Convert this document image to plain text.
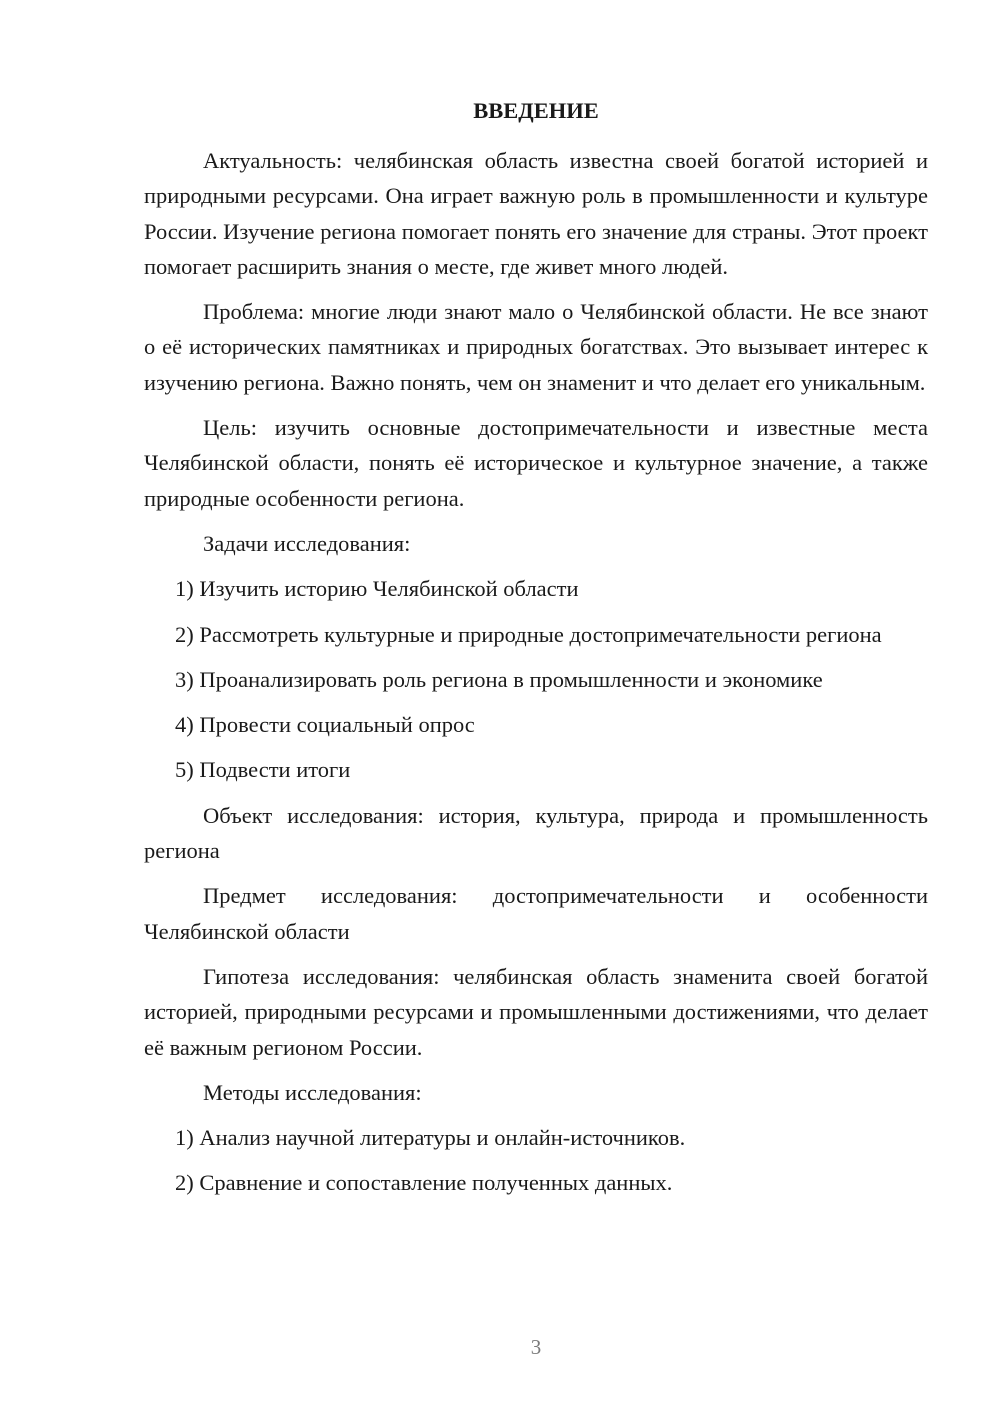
ВВЕДЕНИЕ

Актуальность: челябинская область известна своей богатой историей и природными ресурсами. Она играет важную роль в промышленности и культуре России. Изучение региона помогает понять его значение для страны. Этот проект помогает расширить знания о месте, где живет много людей.

Проблема: многие люди знают мало о Челябинской области. Не все знают о её исторических памятниках и природных богатствах. Это вызывает интерес к изучению региона. Важно понять, чем он знаменит и что делает его уникальным.

Цель: изучить основные достопримечательности и известные места Челябинской области, понять её историческое и культурное значение, а также природные особенности региона.

Задачи исследования:

1) Изучить историю Челябинской области

2) Рассмотреть культурные и природные достопримечательности региона

3) Проанализировать роль региона в промышленности и экономике

4) Провести социальный опрос

5) Подвести итоги

Объект исследования: история, культура, природа и промышленность региона

Предмет исследования: достопримечательности и особенности Челябинской области

Гипотеза исследования: челябинская область знаменита своей богатой историей, природными ресурсами и промышленными достижениями, что делает её важным регионом России.

Методы исследования:

1) Анализ научной литературы и онлайн-источников.

2) Сравнение и сопоставление полученных данных.

3
